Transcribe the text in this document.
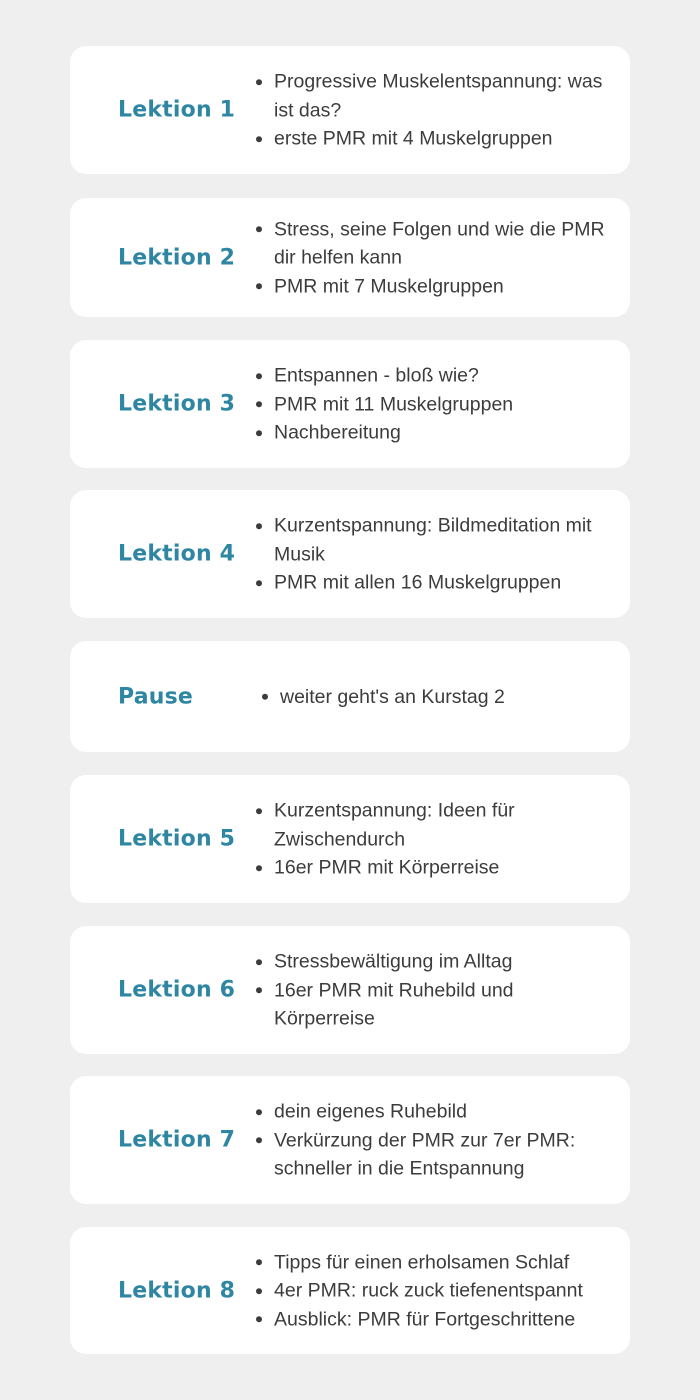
Lektion 1
Progressive Muskelentspannung: was ist das?
erste PMR mit 4 Muskelgruppen
Lektion 2
Stress, seine Folgen und wie die PMR dir helfen kann
PMR mit 7 Muskelgruppen
Lektion 3
Entspannen - bloß wie?
PMR mit 11 Muskelgruppen
Nachbereitung
Lektion 4
Kurzentspannung: Bildmeditation mit Musik
PMR mit allen 16 Muskelgruppen
Pause	weiter geht's an Kurstag 2
Lektion 5
Kurzentspannung: Ideen für Zwischendurch
16er PMR mit Körperreise
Lektion 6
Stressbewältigung im Alltag
16er PMR mit Ruhebild und Körperreise
Lektion 7
dein eigenes Ruhebild
Verkürzung der PMR zur 7er PMR: schneller in die Entspannung
Lektion 8
Tipps für einen erholsamen Schlaf
4er PMR: ruck zuck tiefenentspannt
Ausblick: PMR für Fortgeschrittene
